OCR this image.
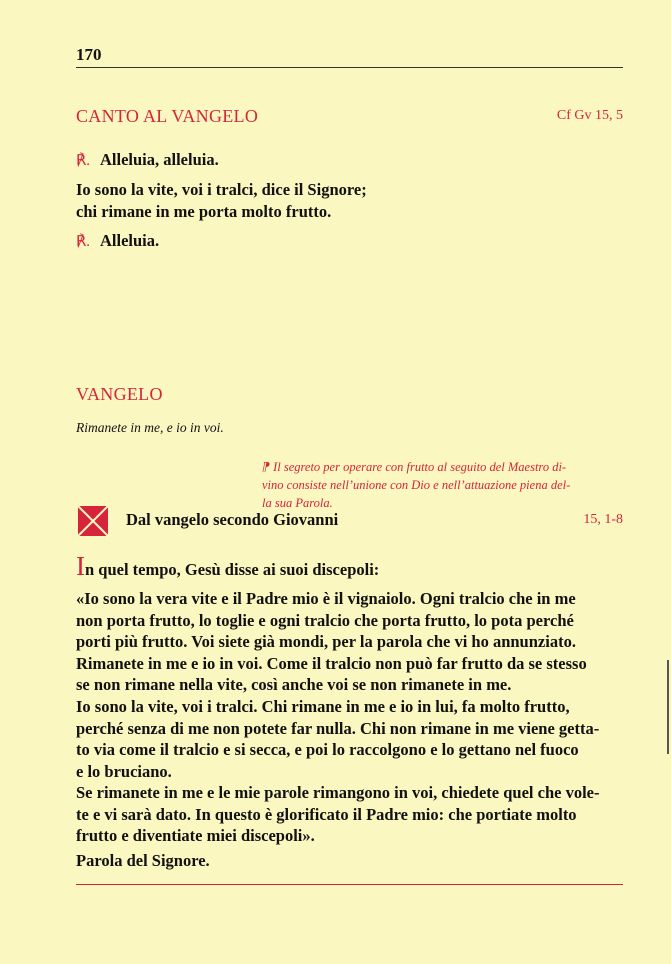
170
CANTO AL VANGELO	Cf Gv 15, 5
℟. Alleluia, alleluia.
Io sono la vite, voi i tralci, dice il Signore;
chi rimane in me porta molto frutto.
℟. Alleluia.
VANGELO
Rimanete in me, e io in voi.
⁋ Il segreto per operare con frutto al seguito del Maestro di-
vino consiste nell’unione con Dio e nell’attuazione piena del-
la sua Parola.
Dal vangelo secondo Giovanni	15, 1-8
In quel tempo, Gesù disse ai suoi discepoli:
«Io sono la vera vite e il Padre mio è il vignaiolo. Ogni tralcio che in me
non porta frutto, lo toglie e ogni tralcio che porta frutto, lo pota perché
porti più frutto. Voi siete già mondi, per la parola che vi ho annunziato.
Rimanete in me e io in voi. Come il tralcio non può far frutto da se stesso
se non rimane nella vite, così anche voi se non rimanete in me.
Io sono la vite, voi i tralci. Chi rimane in me e io in lui, fa molto frutto,
perché senza di me non potete far nulla. Chi non rimane in me viene getta-
to via come il tralcio e si secca, e poi lo raccolgono e lo gettano nel fuoco
e lo bruciano.
Se rimanete in me e le mie parole rimangono in voi, chiedete quel che vole-
te e vi sarà dato. In questo è glorificato il Padre mio: che portiate molto
frutto e diventiate miei discepoli».
Parola del Signore.
